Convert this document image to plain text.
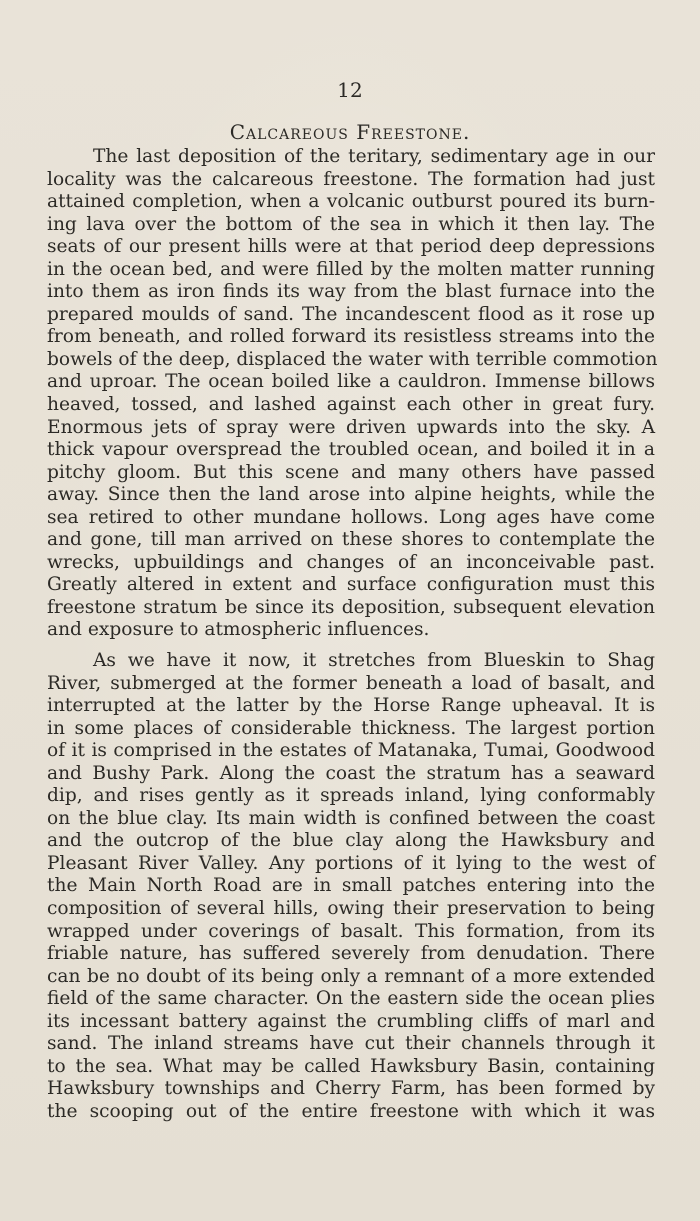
12
Calcareous Freestone.

The last deposition of the teritary, sedimentary age in our
locality was the calcareous freestone. The formation had just
attained completion, when a volcanic outburst poured its burn-
ing lava over the bottom of the sea in which it then lay. The
seats of our present hills were at that period deep depressions
in the ocean bed, and were filled by the molten matter running
into them as iron finds its way from the blast furnace into the
prepared moulds of sand. The incandescent flood as it rose up
from beneath, and rolled forward its resistless streams into the
bowels of the deep, displaced the water with terrible commotion
and uproar. The ocean boiled like a cauldron. Immense billows
heaved, tossed, and lashed against each other in great fury.
Enormous jets of spray were driven upwards into the sky. A
thick vapour overspread the troubled ocean, and boiled it in a
pitchy gloom. But this scene and many others have passed
away. Since then the land arose into alpine heights, while the
sea retired to other mundane hollows. Long ages have come
and gone, till man arrived on these shores to contemplate the
wrecks, upbuildings and changes of an inconceivable past.
Greatly altered in extent and surface configuration must this
freestone stratum be since its deposition, subsequent elevation
and exposure to atmospheric influences.

As we have it now, it stretches from Blueskin to Shag
River, submerged at the former beneath a load of basalt, and
interrupted at the latter by the Horse Range upheaval. It is
in some places of considerable thickness. The largest portion
of it is comprised in the estates of Matanaka, Tumai, Goodwood
and Bushy Park. Along the coast the stratum has a seaward
dip, and rises gently as it spreads inland, lying conformably
on the blue clay. Its main width is confined between the coast
and the outcrop of the blue clay along the Hawksbury and
Pleasant River Valley. Any portions of it lying to the west of
the Main North Road are in small patches entering into the
composition of several hills, owing their preservation to being
wrapped under coverings of basalt. This formation, from its
friable nature, has suffered severely from denudation. There
can be no doubt of its being only a remnant of a more extended
field of the same character. On the eastern side the ocean plies
its incessant battery against the crumbling cliffs of marl and
sand. The inland streams have cut their channels through it
to the sea. What may be called Hawksbury Basin, containing
Hawksbury townships and Cherry Farm, has been formed by
the scooping out of the entire freestone with which it was
